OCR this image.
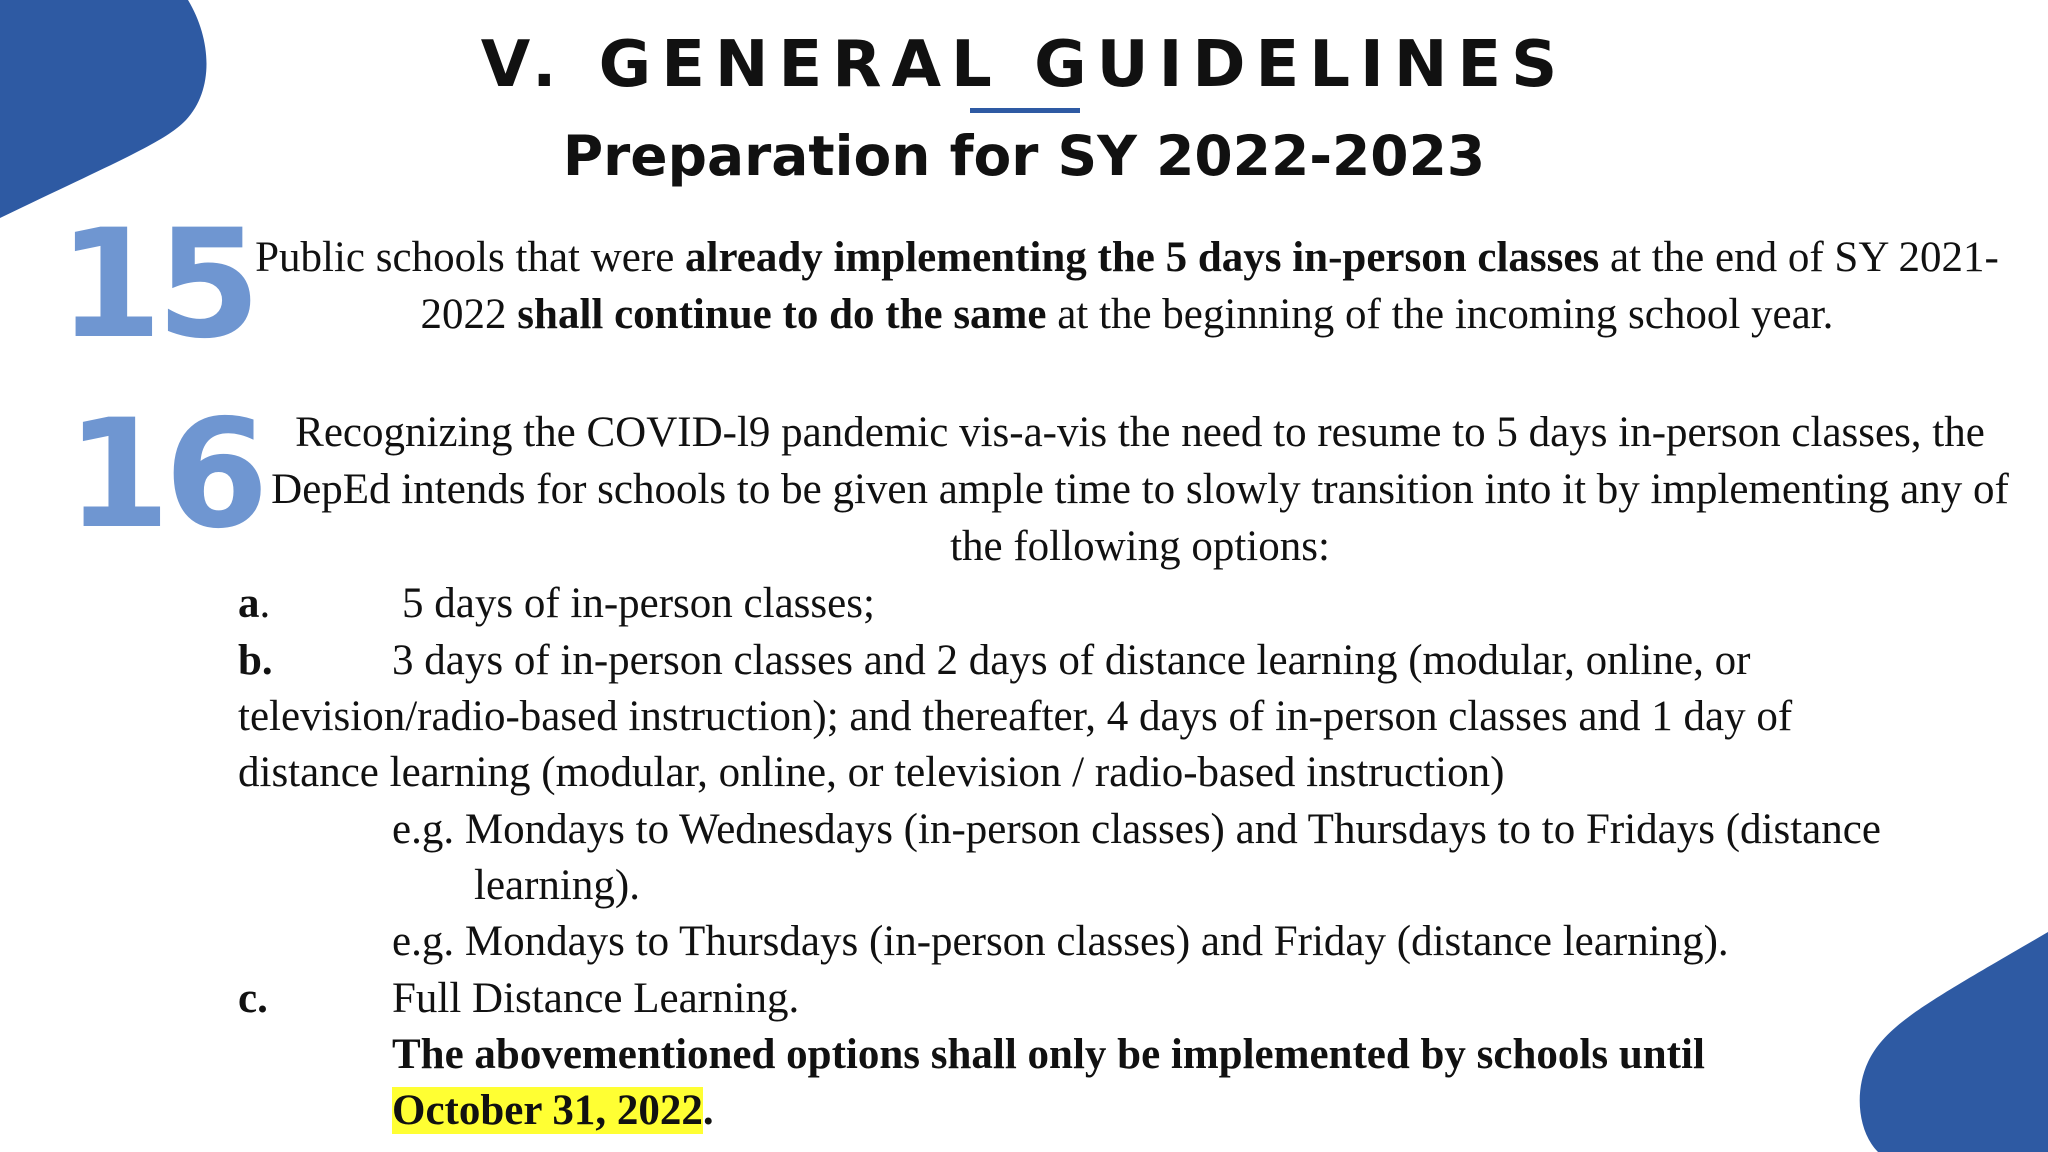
V. GENERAL GUIDELINES
Preparation for SY 2022-2023
15 Public schools that were already implementing the 5 days in-person classes at the end of SY 2021-2022 shall continue to do the same at the beginning of the incoming school year.
16 Recognizing the COVID-l9 pandemic vis-a-vis the need to resume to 5 days in-person classes, the DepEd intends for schools to be given ample time to slowly transition into it by implementing any of the following options:
a.	5 days of in-person classes;
b.	3 days of in-person classes and 2 days of distance learning (modular, online, or
television/radio-based instruction); and thereafter, 4 days of in-person classes and 1 day of
distance learning (modular, online, or television / radio-based instruction)
e.g. Mondays to Wednesdays (in-person classes) and Thursdays to to Fridays (distance
learning).
e.g. Mondays to Thursdays (in-person classes) and Friday (distance learning).
c.	Full Distance Learning.
The abovementioned options shall only be implemented by schools until
October 31, 2022.
